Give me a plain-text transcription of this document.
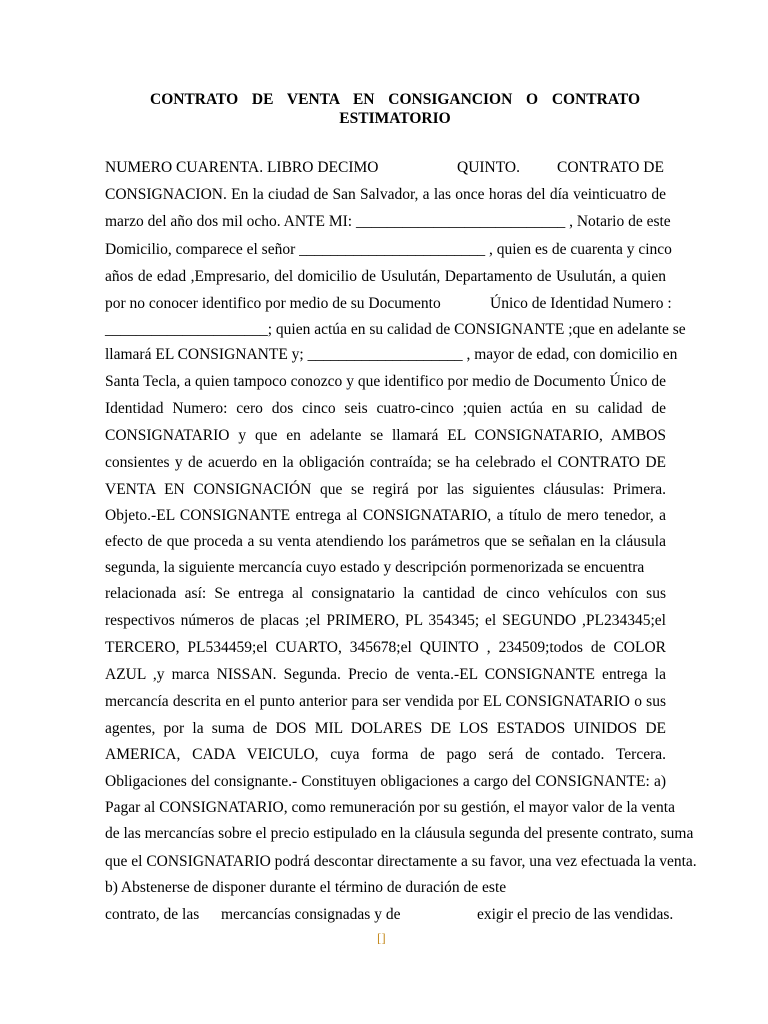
CONTRATO DE VENTA EN CONSIGANCION O CONTRATO
ESTIMATORIO
NUMERO CUARENTA. LIBRO DECIMO	QUINTO. CONTRATO DE
CONSIGNACION. En la ciudad de San Salvador, a las once horas del día veinticuatro de
marzo del año dos mil ocho. ANTE MI: ___________________________ , Notario de este
Domicilio, comparece el señor ________________________ , quien es de cuarenta y cinco
años de edad ,Empresario, del domicilio de Usulután, Departamento de Usulután, a quien
por no conocer identifico por medio de su Documento	Único de Identidad Numero :
_____________________; quien actúa en su calidad de CONSIGNANTE ;que en adelante se
llamará EL CONSIGNANTE y; ____________________ , mayor de edad, con domicilio en
Santa Tecla, a quien tampoco conozco y que identifico por medio de Documento Único de
Identidad Numero: cero dos cinco seis cuatro-cinco ;quien actúa en su calidad de
CONSIGNATARIO y que en adelante se llamará EL CONSIGNATARIO, AMBOS
consientes y de acuerdo en la obligación contraída; se ha celebrado el CONTRATO DE
VENTA EN CONSIGNACIÓN que se regirá por las siguientes cláusulas: Primera.
Objeto.-EL CONSIGNANTE entrega al CONSIGNATARIO, a título de mero tenedor, a
efecto de que proceda a su venta atendiendo los parámetros que se señalan en la cláusula
segunda, la siguiente mercancía cuyo estado y descripción pormenorizada se encuentra
relacionada así: Se entrega al consignatario la cantidad de cinco vehículos con sus
respectivos números de placas ;el PRIMERO, PL 354345; el SEGUNDO ,PL234345;el
TERCERO, PL534459;el CUARTO, 345678;el QUINTO , 234509;todos de COLOR
AZUL ,y marca NISSAN. Segunda. Precio de venta.-EL CONSIGNANTE entrega la
mercancía descrita en el punto anterior para ser vendida por EL CONSIGNATARIO o sus
agentes, por la suma de DOS MIL DOLARES DE LOS ESTADOS UINIDOS DE
AMERICA, CADA VEICULO, cuya forma de pago será de contado. Tercera.
Obligaciones del consignante.- Constituyen obligaciones a cargo del CONSIGNANTE: a)
Pagar al CONSIGNATARIO, como remuneración por su gestión, el mayor valor de la venta
de las mercancías sobre el precio estipulado en la cláusula segunda del presente contrato, suma
que el CONSIGNATARIO podrá descontar directamente a su favor, una vez efectuada la venta.
b) Abstenerse de disponer durante el término de duración de este
contrato, de las mercancías consignadas y de	exigir el precio de las vendidas.
[]
